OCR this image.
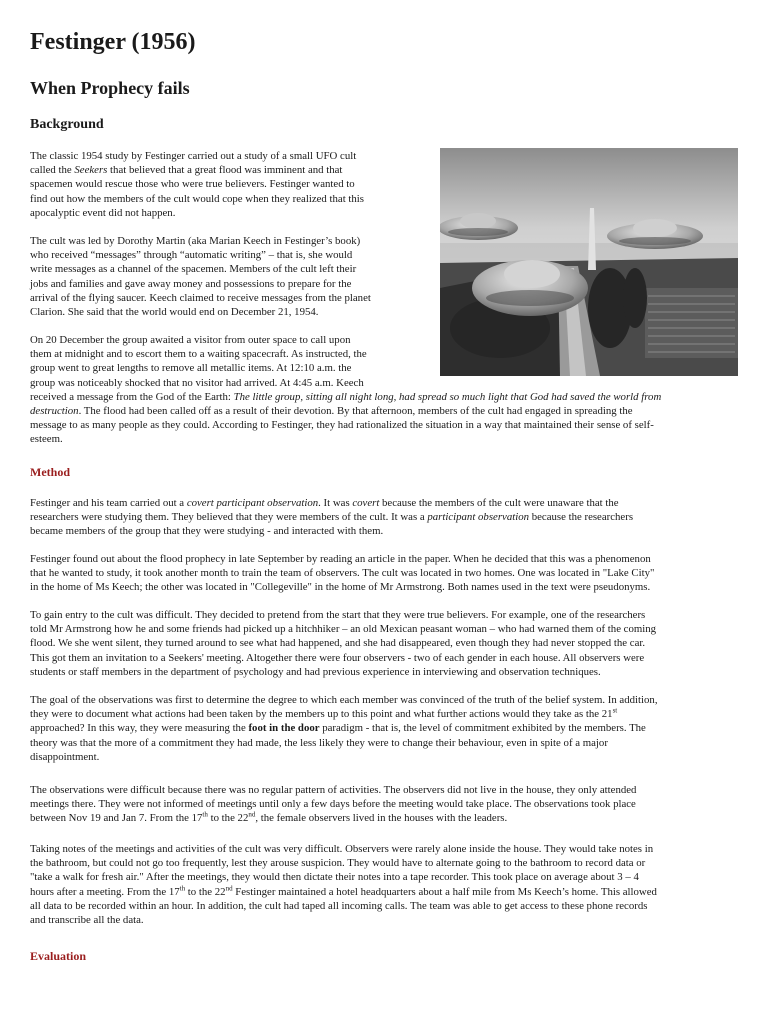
Festinger (1956)
When Prophecy fails
Background
The classic 1954 study by Festinger carried out a study of a small UFO cult
called the Seekers that believed that a great flood was imminent and that
spacemen would rescue those who were true believers. Festinger wanted to
find out how the members of the cult would cope when they realized that this
apocalyptic event did not happen.
The cult was led by Dorothy Martin (aka Marian Keech in Festinger’s book)
who received “messages” through “automatic writing” – that is, she would
write messages as a channel of the spacemen. Members of the cult left their
jobs and families and gave away money and possessions to prepare for the
arrival of the flying saucer. Keech claimed to receive messages from the planet
Clarion. She said that the world would end on December 21, 1954.
On 20 December the group awaited a visitor from outer space to call upon
them at midnight and to escort them to a waiting spacecraft. As instructed, the
group went to great lengths to remove all metallic items. At 12:10 a.m. the
group was noticeably shocked that no visitor had arrived. At 4:45 a.m. Keech
received a message from the God of the Earth: The little group, sitting all night long, had spread so much light that God had saved the world from
destruction. The flood had been called off as a result of their devotion. By that afternoon, members of the cult had engaged in spreading the
message to as many people as they could. According to Festinger, they had rationalized the situation in a way that maintained their sense of self-
esteem.
Method
Festinger and his team carried out a covert participant observation. It was covert because the members of the cult were unaware that the
researchers were studying them. They believed that they were members of the cult. It was a participant observation because the researchers
became members of the group that they were studying - and interacted with them.
Festinger found out about the flood prophecy in late September by reading an article in the paper. When he decided that this was a phenomenon
that he wanted to study, it took another month to train the team of observers. The cult was located in two homes. One was located in "Lake City"
in the home of Ms Keech; the other was located in "Collegeville" in the home of Mr Armstrong. Both names used in the text were pseudonyms.
To gain entry to the cult was difficult. They decided to pretend from the start that they were true believers. For example, one of the researchers
told Mr Armstrong how he and some friends had picked up a hitchhiker – an old Mexican peasant woman – who had warned them of the coming
flood. We she went silent, they turned around to see what had happened, and she had disappeared, even though they had never stopped the car.
This got them an invitation to a Seekers' meeting. Altogether there were four observers - two of each gender in each house. All observers were
students or staff members in the department of psychology and had previous experience in interviewing and observation techniques.
The goal of the observations was first to determine the degree to which each member was convinced of the truth of the belief system. In addition,
they were to document what actions had been taken by the members up to this point and what further actions would they take as the 21st
approached? In this way, they were measuring the foot in the door paradigm - that is, the level of commitment exhibited by the members. The
theory was that the more of a commitment they had made, the less likely they were to change their behaviour, even in spite of a major
disappointment.
The observations were difficult because there was no regular pattern of activities. The observers did not live in the house, they only attended
meetings there. They were not informed of meetings until only a few days before the meeting would take place. The observations took place
between Nov 19 and Jan 7. From the 17th to the 22nd, the female observers lived in the houses with the leaders.
Taking notes of the meetings and activities of the cult was very difficult. Observers were rarely alone inside the house. They would take notes in
the bathroom, but could not go too frequently, lest they arouse suspicion. They would have to alternate going to the bathroom to record data or
"take a walk for fresh air." After the meetings, they would then dictate their notes into a tape recorder. This took place on average about 3 – 4
hours after a meeting. From the 17th to the 22nd Festinger maintained a hotel headquarters about a half mile from Ms Keech’s home. This allowed
all data to be recorded within an hour. In addition, the cult had taped all incoming calls. The team was able to get access to these phone records
and transcribe all the data.
Evaluation
